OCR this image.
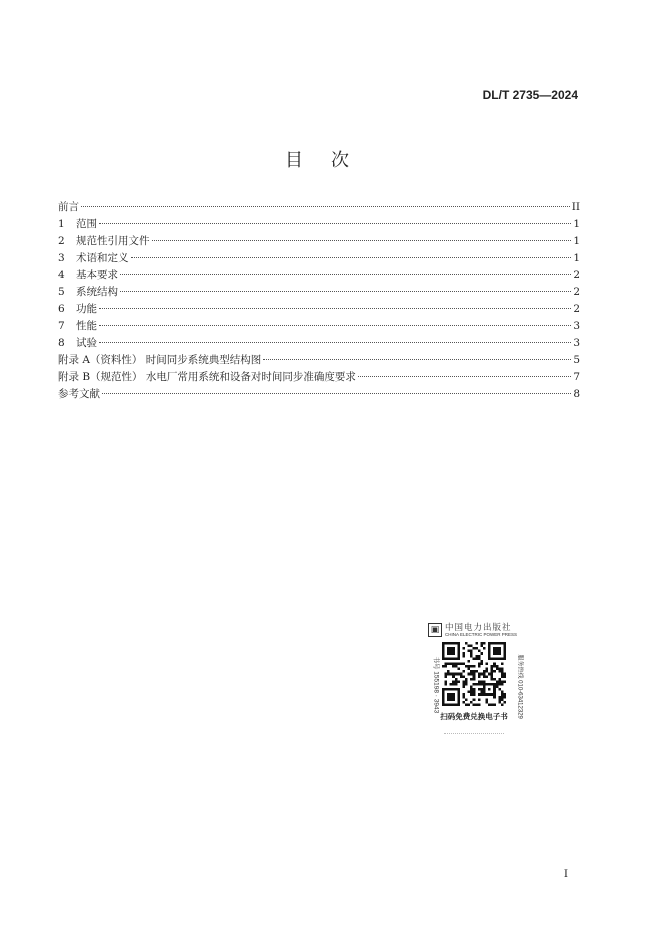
DL/T 2735—2024
目次
前言	II
1	范围	1
2	规范性引用文件	1
3	术语和定义	1
4	基本要求	2
5	系统结构	2
6	功能	2
7	性能	3
8	试验	3
附录 A（资料性） 时间同步系统典型结构图	5
附录 B（规范性） 水电厂常用系统和设备对时间同步准确度要求	7
参考文献	8
▣ 中国电力出版社
CHINA ELECTRIC POWER PRESS
书号 155198 · 3943	服务热线 010-63412329
扫码免费兑换电子书
I
